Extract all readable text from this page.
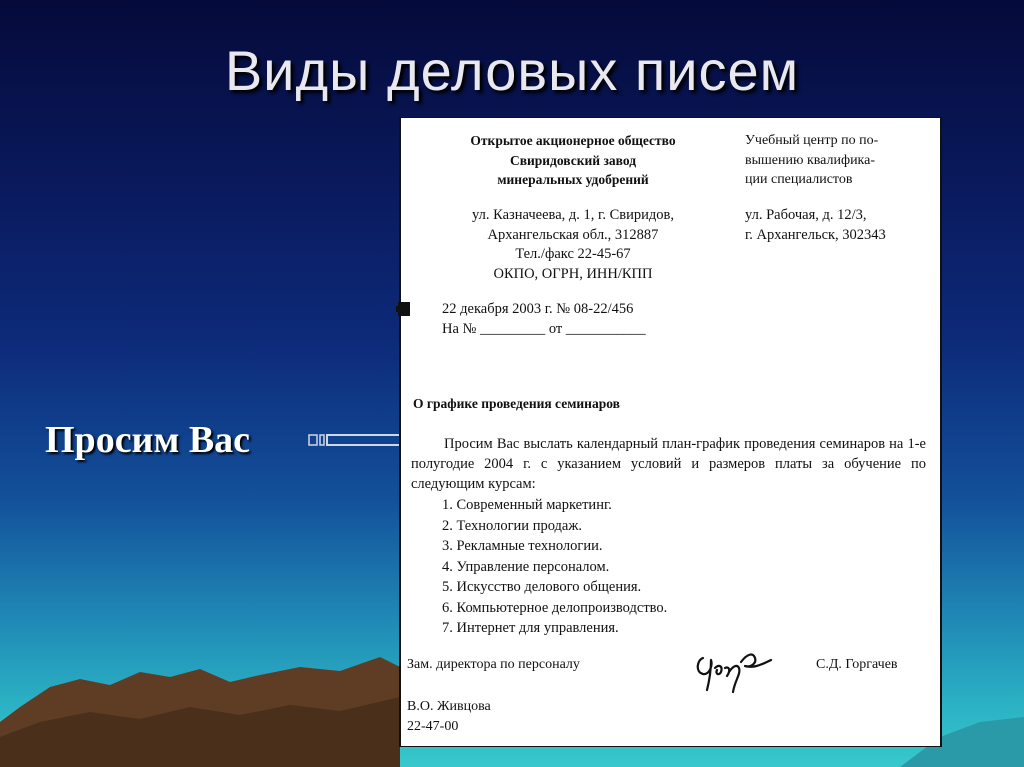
Виды деловых писем
Просим Вас
Открытое акционерное общество
Свиридовский завод
минеральных удобрений
ул. Казначеева, д. 1, г. Свиридов,
Архангельская обл., 312887
Тел./факс 22-45-67
ОКПО, ОГРН, ИНН/КПП
22 декабря 2003 г. № 08-22/456
На № _________ от ___________
Учебный центр по по-
вышению квалифика-
ции специалистов
ул. Рабочая, д. 12/3,
г. Архангельск, 302343
О графике проведения семинаров
Просим Вас выслать календарный план-график проведения семинаров на 1-е полугодие 2004 г. с указанием условий и размеров платы за обучение по следующим курсам:
1. Современный маркетинг.
2. Технологии продаж.
3. Рекламные технологии.
4. Управление персоналом.
5. Искусство делового общения.
6. Компьютерное делопроизводство.
7. Интернет для управления.
Зам. директора по персоналу	С.Д. Горгачев
В.О. Живцова
22-47-00
